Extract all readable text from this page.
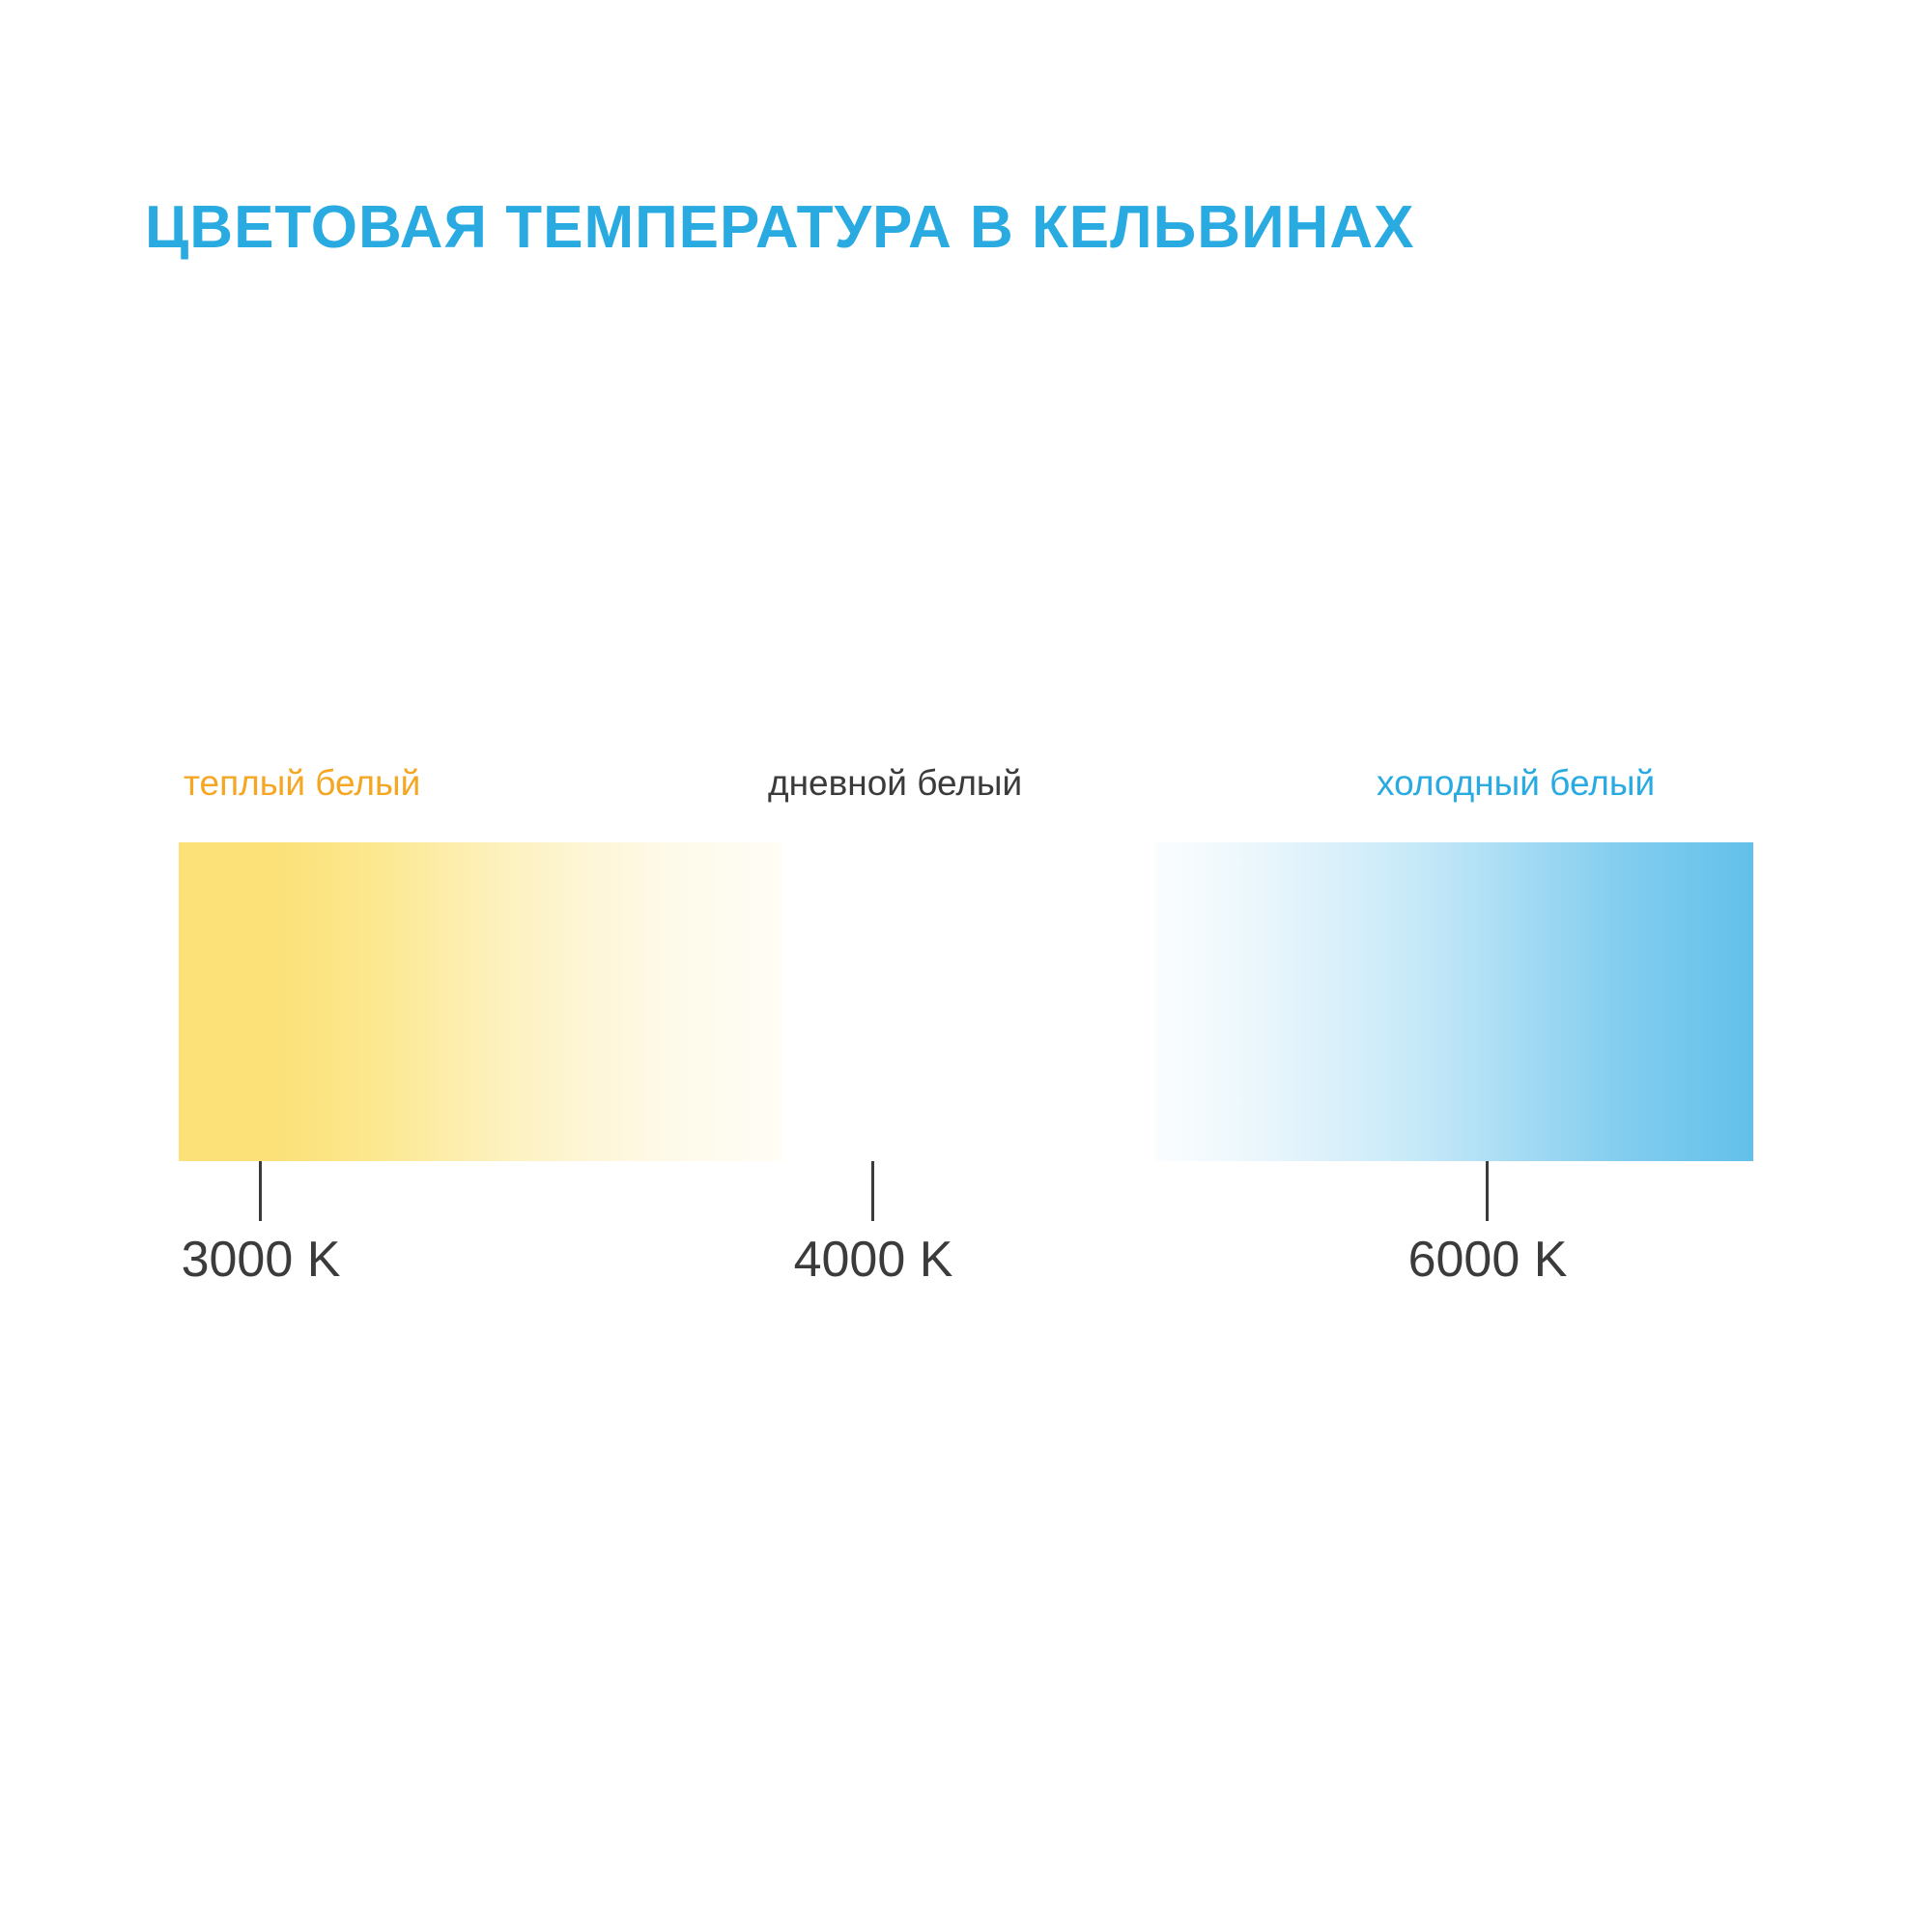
ЦВЕТОВАЯ ТЕМПЕРАТУРА В КЕЛЬВИНАХ
теплый белый	дневной белый	холодный белый
3000 K	4000 K	6000 K
